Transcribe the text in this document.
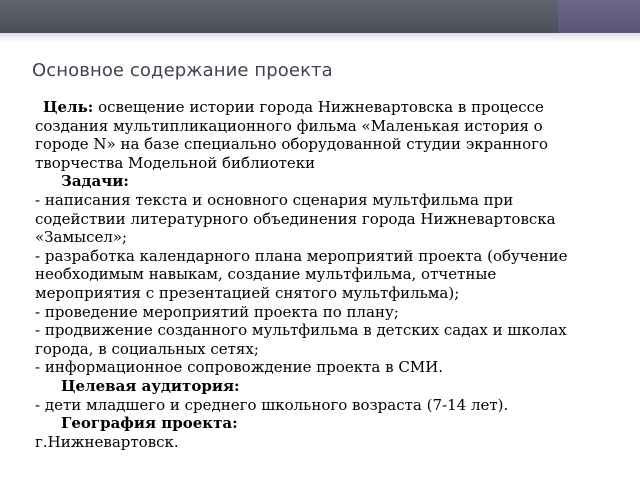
Основное содержание проекта

Цель: освещение истории города Нижневартовска в процессе

создания мультипликационного фильма «Маленькая история о

городе N» на базе специально оборудованной студии экранного

творчества Модельной библиотеки

Задачи:

- написания текста и основного сценария мультфильма при

содействии литературного объединения города Нижневартовска

«Замысел»;

- разработка календарного плана мероприятий проекта (обучение

необходимым навыкам, создание мультфильма, отчетные

мероприятия с презентацией снятого мультфильма);

- проведение мероприятий проекта по плану;

- продвижение созданного мультфильма в детских садах и школах

города, в социальных сетях;

- информационное сопровождение проекта в СМИ.

Целевая аудитория:

- дети младшего и среднего школьного возраста (7-14 лет).

География проекта:

г.Нижневартовск.
